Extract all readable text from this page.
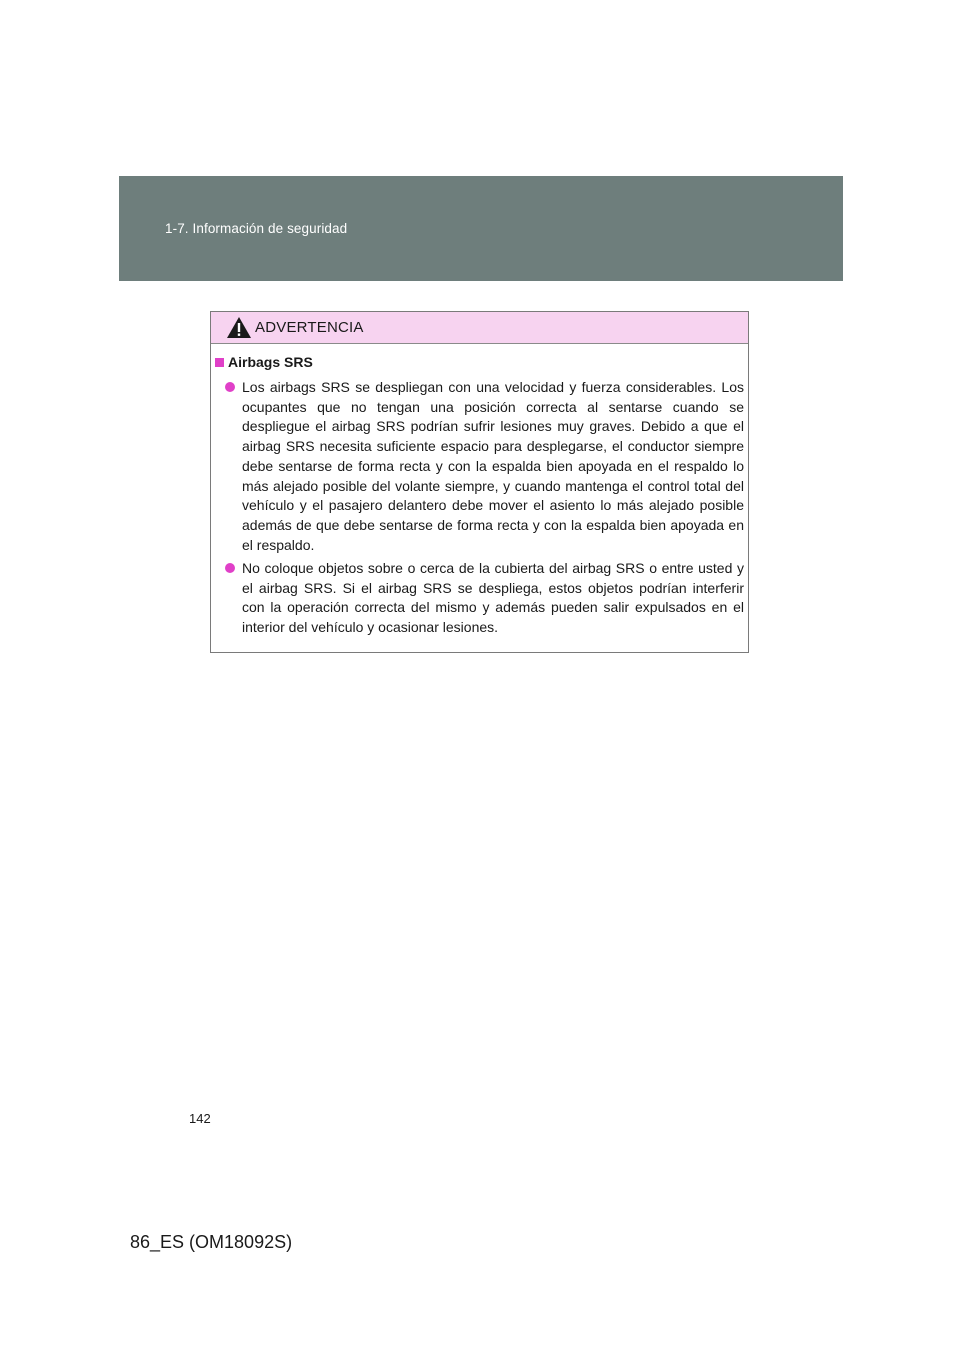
1-7. Información de seguridad
ADVERTENCIA
Airbags SRS
Los airbags SRS se despliegan con una velocidad y fuerza considerables. Los ocupantes que no tengan una posición correcta al sentarse cuando se despliegue el airbag SRS podrían sufrir lesiones muy graves. Debido a que el airbag SRS necesita suficiente espacio para desplegarse, el conductor siempre debe sentarse de forma recta y con la espalda bien apoyada en el respaldo lo más alejado posible del volante siempre, y cuando mantenga el control total del vehículo y el pasajero delantero debe mover el asiento lo más alejado posible además de que debe sentarse de forma recta y con la espalda bien apoyada en el respaldo.
No coloque objetos sobre o cerca de la cubierta del airbag SRS o entre usted y el airbag SRS. Si el airbag SRS se despliega, estos objetos podrían interferir con la operación correcta del mismo y además pueden salir expulsados en el interior del vehículo y ocasionar lesiones.
142
86_ES (OM18092S)
